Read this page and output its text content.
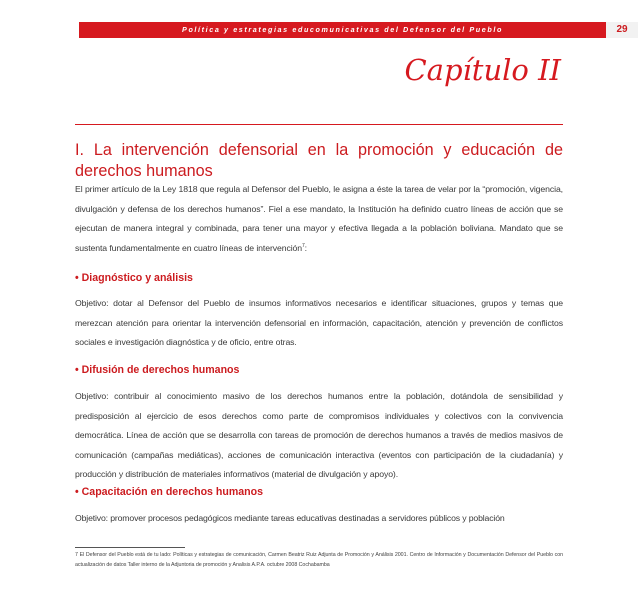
Política y estrategias educomunicativas del Defensor del Pueblo	29
Capítulo II
I. La intervención defensorial en la promoción y educación de derechos humanos
El primer artículo de la Ley 1818 que regula al Defensor del Pueblo, le asigna a éste la tarea de velar por la “promoción, vigencia, divulgación y defensa de los derechos humanos”. Fiel a ese mandato, la Institución ha definido cuatro líneas de acción que se ejecutan de manera integral y combinada, para tener una mayor y efectiva llegada a la población boliviana. Mandato que se sustenta fundamentalmente en cuatro líneas de intervención$^7$:
• Diagnóstico y análisis
Objetivo: dotar al Defensor del Pueblo de insumos informativos necesarios e identificar situaciones, grupos y temas que merezcan atención para orientar la intervención defensorial en información, capacitación, atención y prevención de conflictos sociales e investigación diagnóstica y de oficio, entre otras.
• Difusión de derechos humanos
Objetivo: contribuir al conocimiento masivo de los derechos humanos entre la población, dotándola de sensibilidad y predisposición al ejercicio de esos derechos como parte de compromisos individuales y colectivos con la convivencia democrática. Línea de acción que se desarrolla con tareas de promoción de derechos humanos a través de medios masivos de comunicación (campañas mediáticas), acciones de comunicación interactiva (eventos con participación de la ciudadanía) y producción y distribución de materiales informativos (material de divulgación y apoyo).
• Capacitación en derechos humanos
Objetivo: promover procesos pedagógicos mediante tareas educativas destinadas a servidores públicos y población
7 El Defensor del Pueblo está de tu lado: Políticas y estrategias de comunicación, Carmen Beatriz Ruiz Adjunta de Promoción y Análisis 2001. Centro de Información y Documentación Defensor del Pueblo con actualización de datos Taller interno de la Adjuntoria de promoción y Analisis A.P.A. octubre 2008 Cochabamba
